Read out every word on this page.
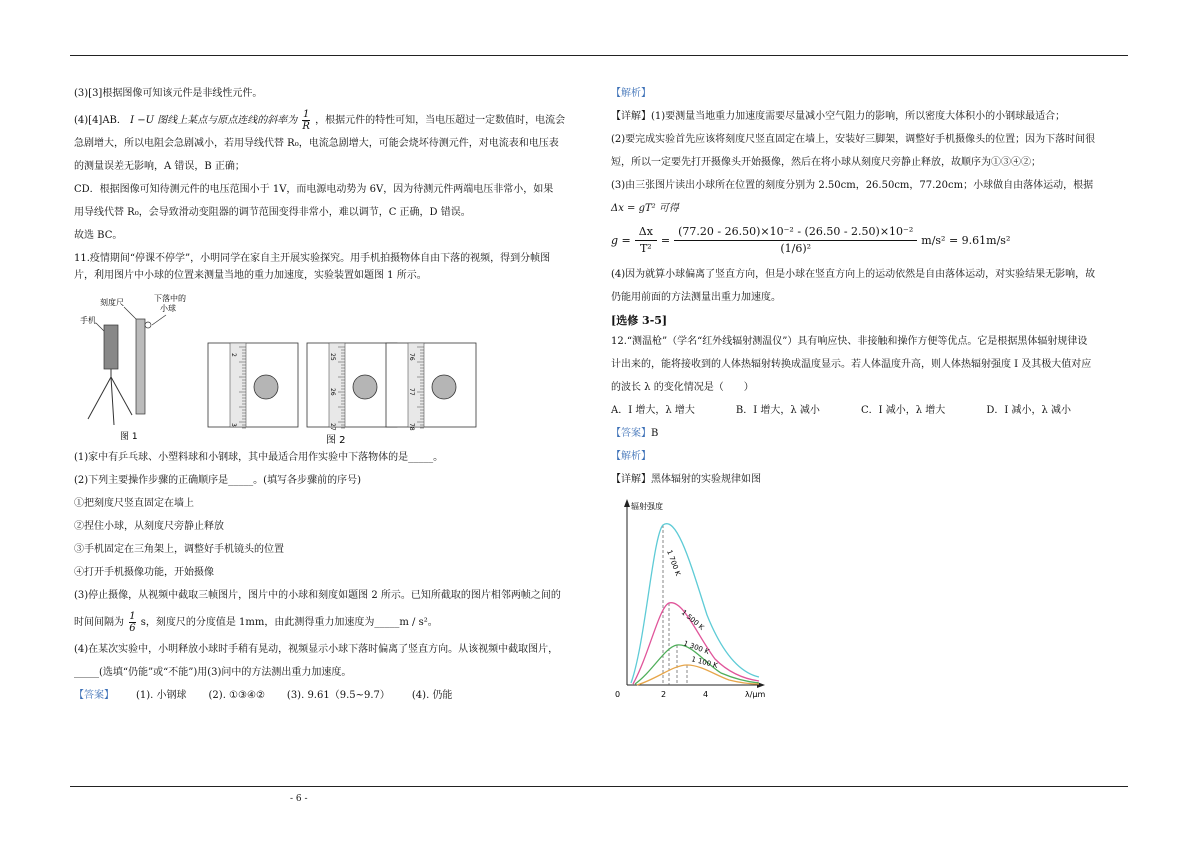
(3)[3]根据图像可知该元件是非线性元件。

(4)[4]AB． I −U 图线上某点与原点连线的斜率为 $\frac{1}{R}$ ，根据元件的特性可知，当电压超过一定数值时，电流会

急剧增大，所以电阻会急剧减小，若用导线代替 R₀，电流急剧增大，可能会烧坏待测元件，对电流表和电压表

的测量误差无影响，A 错误，B 正确；

CD．根据图像可知待测元件的电压范围小于 1V，而电源电动势为 6V，因为待测元件两端电压非常小，如果

用导线代替 R₀，会导致滑动变阻器的调节范围变得非常小，难以调节，C 正确，D 错误。

故选 BC。

11.疫情期间“停课不停学”，小明同学在家自主开展实验探究。用手机拍摄物体自由下落的视频，得到分帧图

片，利用图片中小球的位置来测量当地的重力加速度，实验装置如题图 1 所示。

刻度尺	下落中的
小球
手机
图 1
2
3
25
26
27
76
77
78
图 2

(1)家中有乒乓球、小塑料球和小钢球，其中最适合用作实验中下落物体的是_____。

(2)下列主要操作步骤的正确顺序是_____。(填写各步骤前的序号)

①把刻度尺竖直固定在墙上

②捏住小球，从刻度尺旁静止释放

③手机固定在三角架上，调整好手机镜头的位置

④打开手机摄像功能，开始摄像

(3)停止摄像，从视频中截取三帧图片，图片中的小球和刻度如题图 2 所示。已知所截取的图片相邻两帧之间的

时间间隔为 $\frac{1}{6}$ s，刻度尺的分度值是 1mm，由此测得重力加速度为_____m / s²。

(4)在某次实验中，小明释放小球时手稍有晃动，视频显示小球下落时偏离了竖直方向。从该视频中截取图片，

_____(选填“仍能”或“不能”)用(3)问中的方法测出重力加速度。

【答案】 (1). 小钢球 (2). ①③④② (3). 9.61（9.5~9.7） (4). 仍能

【解析】

【详解】(1)要测量当地重力加速度需要尽量减小空气阻力的影响，所以密度大体积小的小钢球最适合；

(2)要完成实验首先应该将刻度尺竖直固定在墙上，安装好三脚架，调整好手机摄像头的位置；因为下落时间很

短，所以一定要先打开摄像头开始摄像，然后在将小球从刻度尺旁静止释放，故顺序为①③④②；

(3)由三张图片读出小球所在位置的刻度分别为 2.50cm，26.50cm，77.20cm；小球做自由落体运动，根据

Δx = gT² 可得

$g = \frac{\Delta x}{\text{T²}} = \frac{\text{(77.20 - 26.50)×10⁻² - (26.50 - 2.50)×10⁻²}}{\text{(1/6)²}} m/s^2 = 9.61m/s^2$

(4)因为就算小球偏离了竖直方向，但是小球在竖直方向上的运动依然是自由落体运动，对实验结果无影响，故

仍能用前面的方法测量出重力加速度。

[选修 3-5]

12.“测温枪”（学名“红外线辐射测温仪”）具有响应快、非接触和操作方便等优点。它是根据黑体辐射规律设

计出来的，能将接收到的人体热辐射转换成温度显示。若人体温度升高，则人体热辐射强度 I 及其极大值对应

的波长 λ 的变化情况是（　　）

A．I 增大，λ 增大	B．I 增大，λ 减小	C．I 减小，λ 增大	D．I 减小，λ 减小

【答案】B

【解析】

【详解】黑体辐射的实验规律如图

辐射强度
λ/μm
0	2	4
1 700 K
1 500 K
1 300 K
1 100 K
- 6 -
